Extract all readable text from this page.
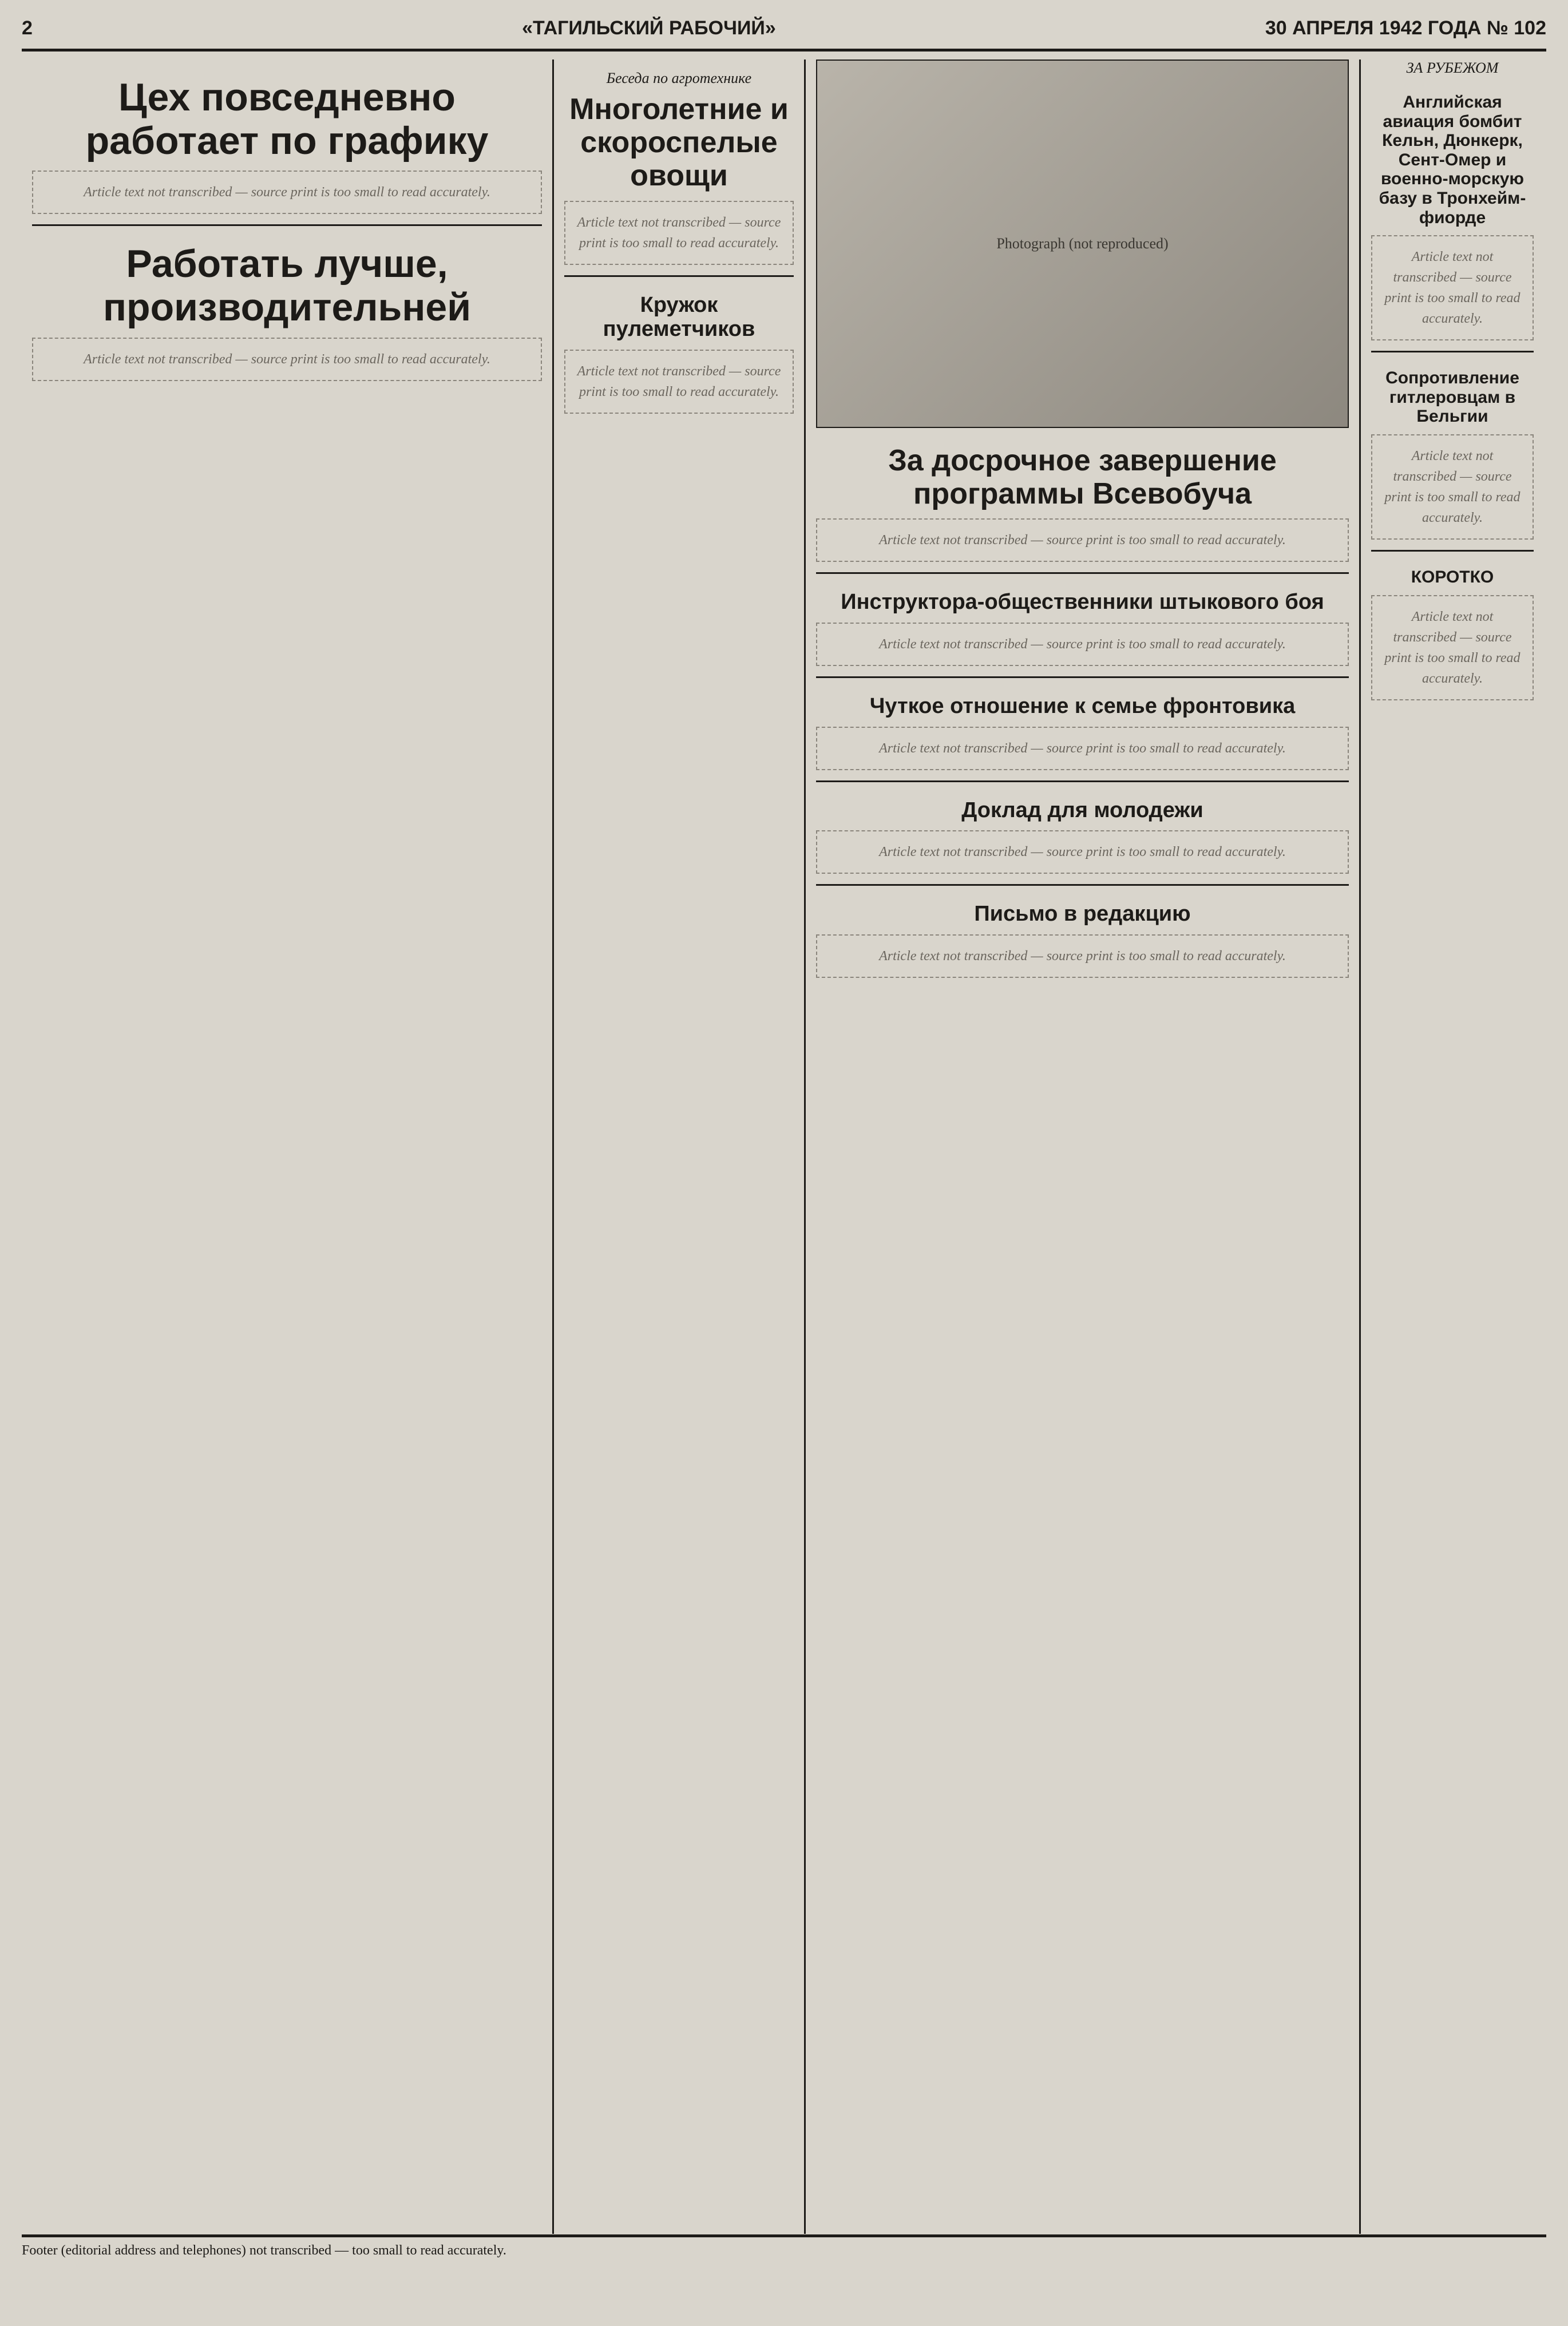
2	«ТАГИЛЬСКИЙ РАБОЧИЙ»	30 АПРЕЛЯ 1942 ГОДА № 102
Цех повседневно работает по графику
Article text not transcribed — source print is too small to read accurately.
Работать лучше, производительней
Article text not transcribed — source print is too small to read accurately.
Беседа по агротехнике
Многолетние и скороспелые овощи
Article text not transcribed — source print is too small to read accurately.
Кружок пулеметчиков
Article text not transcribed — source print is too small to read accurately.
Photograph (not reproduced)
За досрочное завершение программы Всевобуча
Article text not transcribed — source print is too small to read accurately.
Инструктора-общественники штыкового боя
Article text not transcribed — source print is too small to read accurately.
Чуткое отношение к семье фронтовика
Article text not transcribed — source print is too small to read accurately.
Доклад для молодежи
Article text not transcribed — source print is too small to read accurately.
Письмо в редакцию
Article text not transcribed — source print is too small to read accurately.
ЗА РУБЕЖОМ
Английская авиация бомбит Кельн, Дюнкерк, Сент-Омер и военно-морскую базу в Тронхейм-фиорде
Article text not transcribed — source print is too small to read accurately.
Сопротивление гитлеровцам в Бельгии
Article text not transcribed — source print is too small to read accurately.
КОРОТКО
Article text not transcribed — source print is too small to read accurately.
Footer (editorial address and telephones) not transcribed — too small to read accurately.
